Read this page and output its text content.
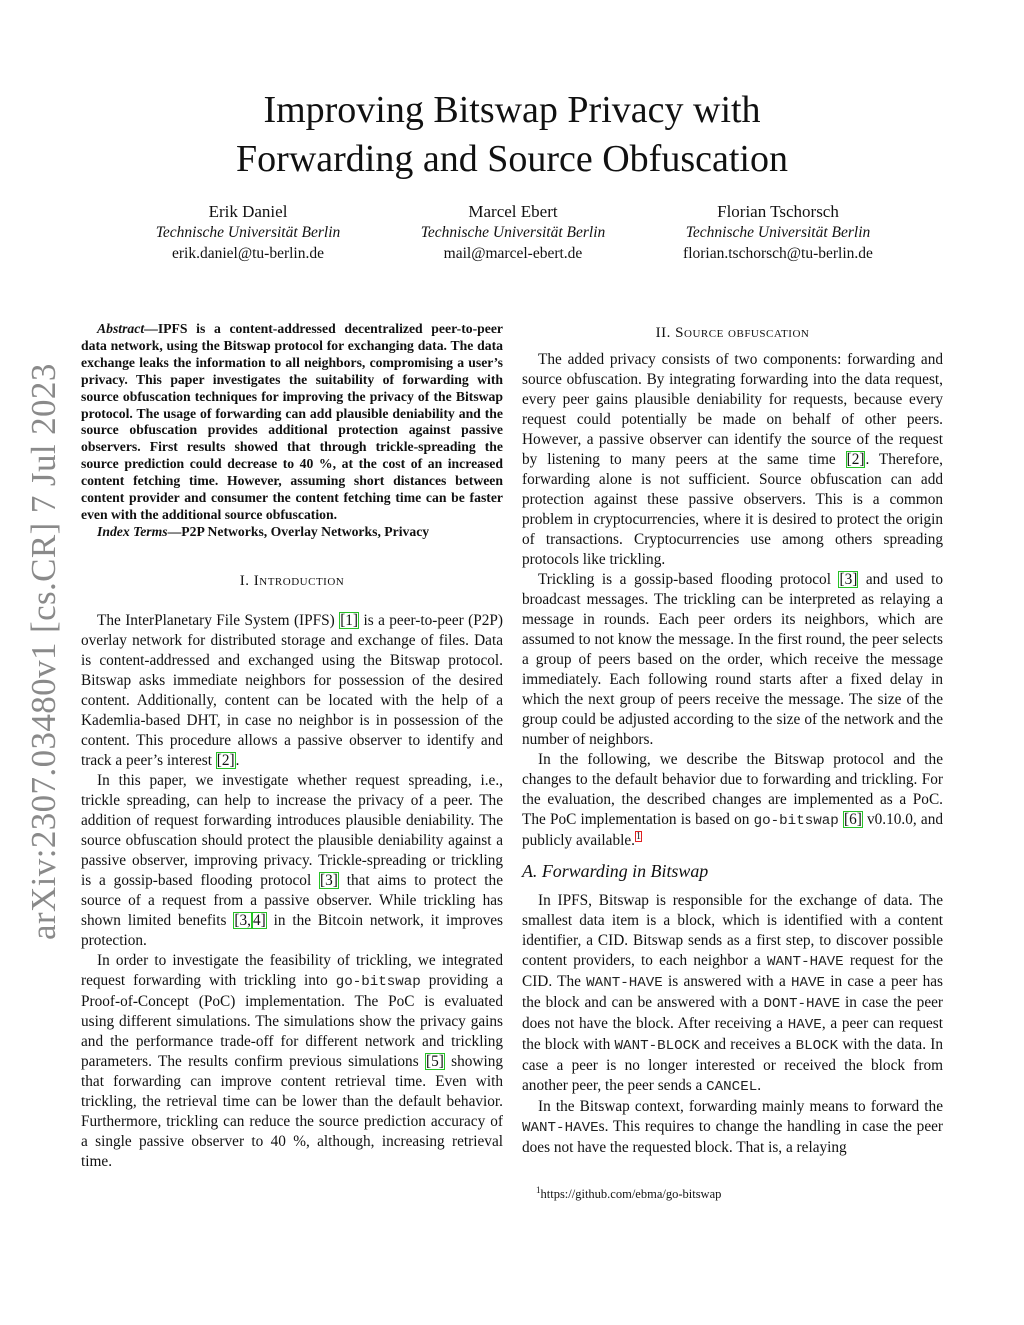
arXiv:2307.03480v1 [cs.CR] 7 Jul 2023
Improving Bitswap Privacy with
Forwarding and Source Obfuscation
Erik Daniel
Technische Universität Berlin
erik.daniel@tu-berlin.de
Marcel Ebert
Technische Universität Berlin
mail@marcel-ebert.de
Florian Tschorsch
Technische Universität Berlin
florian.tschorsch@tu-berlin.de

Abstract—IPFS is a content-addressed decentralized peer-to-peer data network, using the Bitswap protocol for exchanging data. The data exchange leaks the information to all neighbors, compromising a user’s privacy. This paper investigates the suitability of forwarding with source obfuscation techniques for improving the privacy of the Bitswap protocol. The usage of forwarding can add plausible deniability and the source obfuscation provides additional protection against passive observers. First results showed that through trickle-spreading the source prediction could decrease to 40 %, at the cost of an increased content fetching time. However, assuming short distances between content provider and consumer the content fetching time can be faster even with the additional source obfuscation.

Index Terms—P2P Networks, Overlay Networks, Privacy

I. Introduction

The InterPlanetary File System (IPFS) [1] is a peer-to-peer (P2P) overlay network for distributed storage and exchange of files. Data is content-addressed and exchanged using the Bitswap protocol. Bitswap asks immediate neighbors for possession of the desired content. Additionally, content can be located with the help of a Kademlia-based DHT, in case no neighbor is in possession of the content. This procedure allows a passive observer to identify and track a peer’s interest [2].

In this paper, we investigate whether request spreading, i.e., trickle spreading, can help to increase the privacy of a peer. The addition of request forwarding introduces plausible deniability. The source obfuscation should protect the plausible deniability against a passive observer, improving privacy. Trickle-spreading or trickling is a gossip-based flooding protocol [3] that aims to protect the source of a request from a passive observer. While trickling has shown limited benefits [3, 4] in the Bitcoin network, it improves protection.

In order to investigate the feasibility of trickling, we integrated request forwarding with trickling into go-bitswap providing a Proof-of-Concept (PoC) implementation. The PoC is evaluated using different simulations. The simulations show the privacy gains and the performance trade-off for different network and trickling parameters. The results confirm previous simulations [5] showing that forwarding can improve content retrieval time. Even with trickling, the retrieval time can be lower than the default behavior. Furthermore, trickling can reduce the source prediction accuracy of a single passive observer to 40 %, although, increasing retrieval time.

II. Source obfuscation

The added privacy consists of two components: forwarding and source obfuscation. By integrating forwarding into the data request, every peer gains plausible deniability for requests, because every request could potentially be made on behalf of other peers. However, a passive observer can identify the source of the request by listening to many peers at the same time [2]. Therefore, forwarding alone is not sufficient. Source obfuscation can add protection against these passive observers. This is a common problem in cryptocurrencies, where it is desired to protect the origin of transactions. Cryptocurrencies use among others spreading protocols like trickling.

Trickling is a gossip-based flooding protocol [3] and used to broadcast messages. The trickling can be interpreted as relaying a message in rounds. Each peer orders its neighbors, which are assumed to not know the message. In the first round, the peer selects a group of peers based on the order, which receive the message immediately. Each following round starts after a fixed delay in which the next group of peers receive the message. The size of the group could be adjusted according to the size of the network and the number of neighbors.

In the following, we describe the Bitswap protocol and the changes to the default behavior due to forwarding and trickling. For the evaluation, the described changes are implemented as a PoC. The PoC implementation is based on go-bitswap [6] v0.10.0, and publicly available.$^1$

A. Forwarding in Bitswap

In IPFS, Bitswap is responsible for the exchange of data. The smallest data item is a block, which is identified with a content identifier, a CID. Bitswap sends as a first step, to discover possible content providers, to each neighbor a WANT-HAVE request for the CID. The WANT-HAVE is answered with a HAVE in case a peer has the block and can be answered with a DONT-HAVE in case the peer does not have the block. After receiving a HAVE, a peer can request the block with WANT-BLOCK and receives a BLOCK with the data. In case a peer is no longer interested or received the block from another peer, the peer sends a CANCEL.

In the Bitswap context, forwarding mainly means to forward the WANT-HAVEs. This requires to change the handling in case the peer does not have the requested block. That is, a relaying

$^1$https://github.com/ebma/go-bitswap
